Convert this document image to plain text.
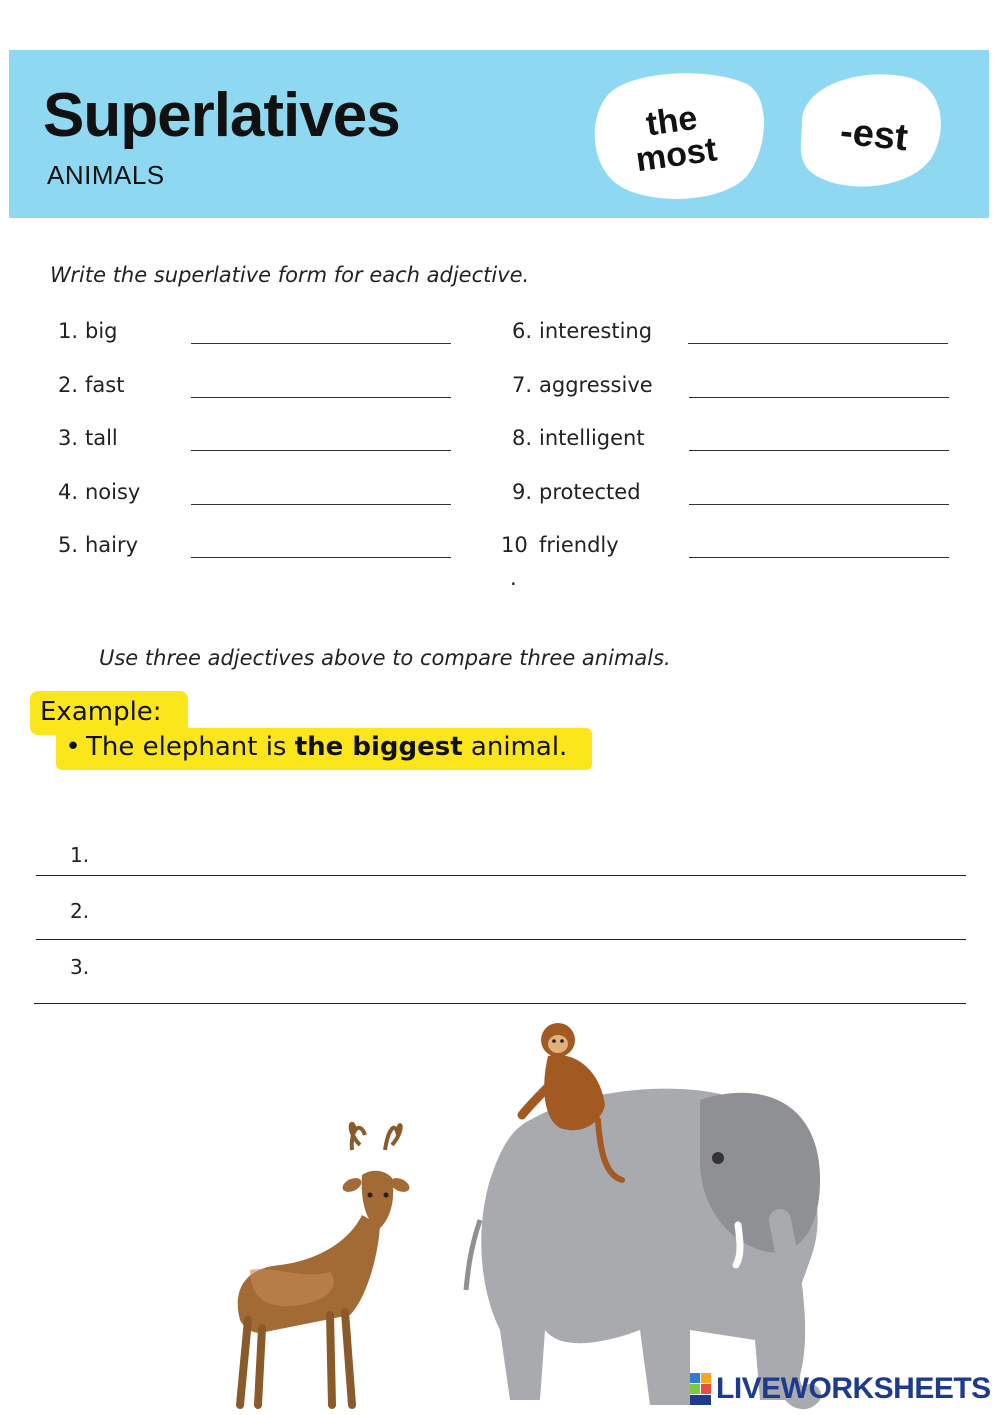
Superlatives
ANIMALS
the
most	-est
Write the superlative form for each adjective.
1. big
2. fast
3. tall
4. noisy
5. hairy
6. interesting
7. aggressive
8. intelligent
9. protected
10 friendly
.
Use three adjectives above to compare three animals.
Example:
• The elephant is the biggest animal.
1.
2.
3.
LIVEWORKSHEETS
